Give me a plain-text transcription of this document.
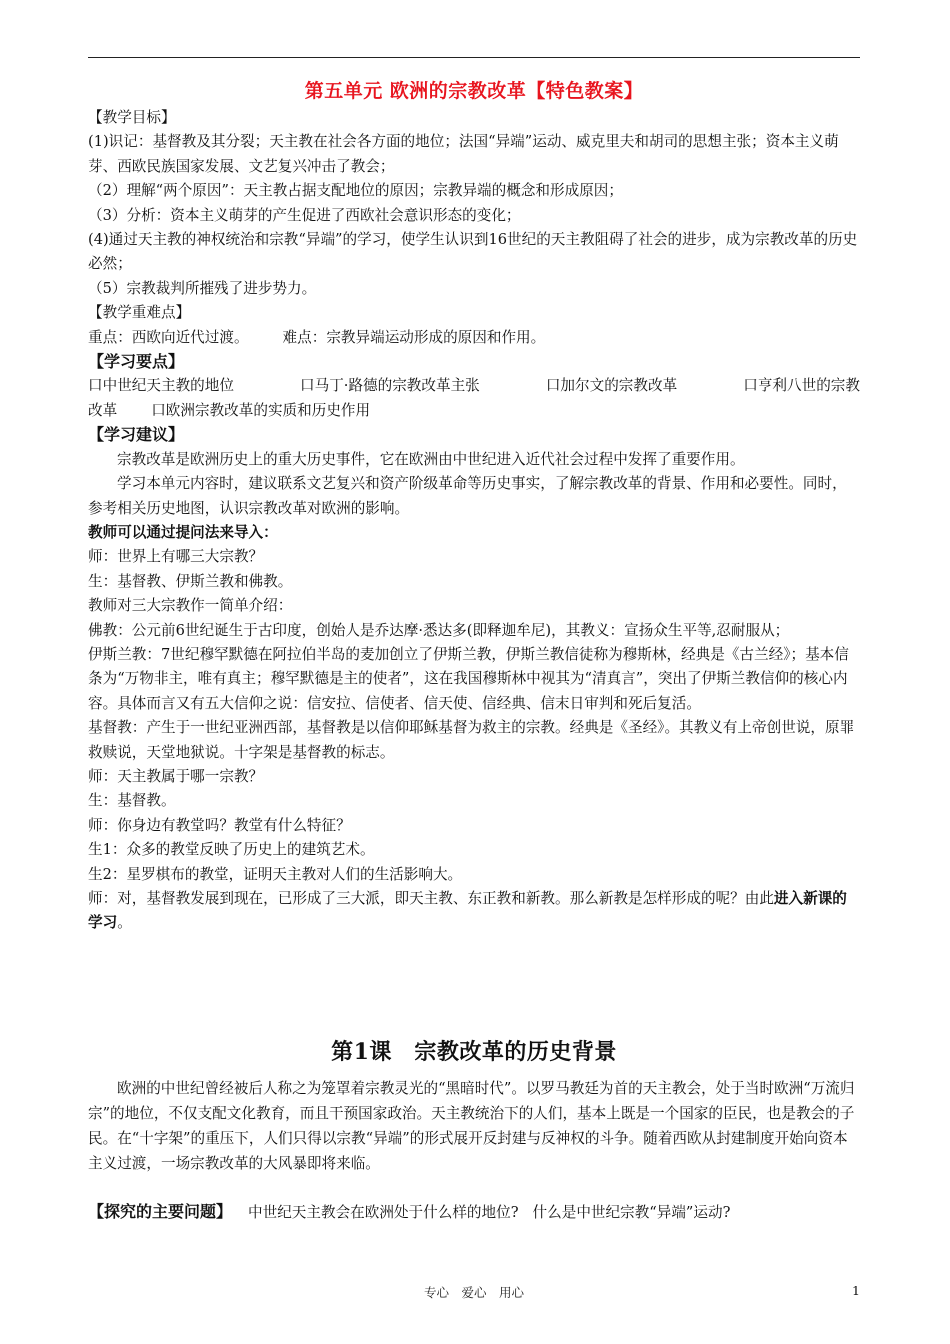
第五单元 欧洲的宗教改革【特色教案】

【教学目标】

(1)识记：基督教及其分裂；天主教在社会各方面的地位；法国“异端”运动、威克里夫和胡司的思想主张；资本主义萌芽、西欧民族国家发展、文艺复兴冲击了教会；

（2）理解“两个原因”：天主教占据支配地位的原因；宗教异端的概念和形成原因；

（3）分析：资本主义萌芽的产生促进了西欧社会意识形态的变化；

(4)通过天主教的神权统治和宗教“异端”的学习，使学生认识到16世纪的天主教阻碍了社会的进步，成为宗教改革的历史必然；

（5）宗教裁判所摧残了进步势力。

【教学重难点】

重点：西欧向近代过渡。 难点：宗教异端运动形成的原因和作用。

【学习要点】

口中世纪天主教的地位	口马丁·路德的宗教改革主张	口加尔文的宗教改革	口亨利八世的宗教

改革 口欧洲宗教改革的实质和历史作用

【学习建议】

宗教改革是欧洲历史上的重大历史事件，它在欧洲由中世纪进入近代社会过程中发挥了重要作用。

学习本单元内容时，建议联系文艺复兴和资产阶级革命等历史事实，了解宗教改革的背景、作用和必要性。同时，参考相关历史地图，认识宗教改革对欧洲的影响。

教师可以通过提问法来导入：

师：世界上有哪三大宗教？

生：基督教、伊斯兰教和佛教。

教师对三大宗教作一简单介绍：

佛教：公元前6世纪诞生于古印度，创始人是乔达摩·悉达多(即释迦牟尼)，其教义：宣扬众生平等,忍耐服从；

伊斯兰教：7世纪穆罕默德在阿拉伯半岛的麦加创立了伊斯兰教，伊斯兰教信徒称为穆斯林，经典是《古兰经》；基本信条为“万物非主，唯有真主；穆罕默德是主的使者”，这在我国穆斯林中视其为“清真言”，突出了伊斯兰教信仰的核心内容。具体而言又有五大信仰之说：信安拉、信使者、信天使、信经典、信末日审判和死后复活。

基督教：产生于一世纪亚洲西部，基督教是以信仰耶稣基督为救主的宗教。经典是《圣经》。其教义有上帝创世说，原罪救赎说，天堂地狱说。十字架是基督教的标志。

师：天主教属于哪一宗教？

生：基督教。

师：你身边有教堂吗？教堂有什么特征？

生1：众多的教堂反映了历史上的建筑艺术。

生2：星罗棋布的教堂，证明天主教对人们的生活影响大。

师：对，基督教发展到现在，已形成了三大派，即天主教、东正教和新教。那么新教是怎样形成的呢？由此进入新课的学习。

第1课　宗教改革的历史背景

欧洲的中世纪曾经被后人称之为笼罩着宗教灵光的“黑暗时代”。以罗马教廷为首的天主教会，处于当时欧洲“万流归宗”的地位，不仅支配文化教育，而且干预国家政治。天主教统治下的人们，基本上既是一个国家的臣民，也是教会的子民。在“十字架”的重压下，人们只得以宗教“异端”的形式展开反封建与反神权的斗争。随着西欧从封建制度开始向资本主义过渡，一场宗教改革的大风暴即将来临。

【探究的主要问题】 中世纪天主教会在欧洲处于什么样的地位? 什么是中世纪宗教“异端”运动?
专心　爱心　用心	1
